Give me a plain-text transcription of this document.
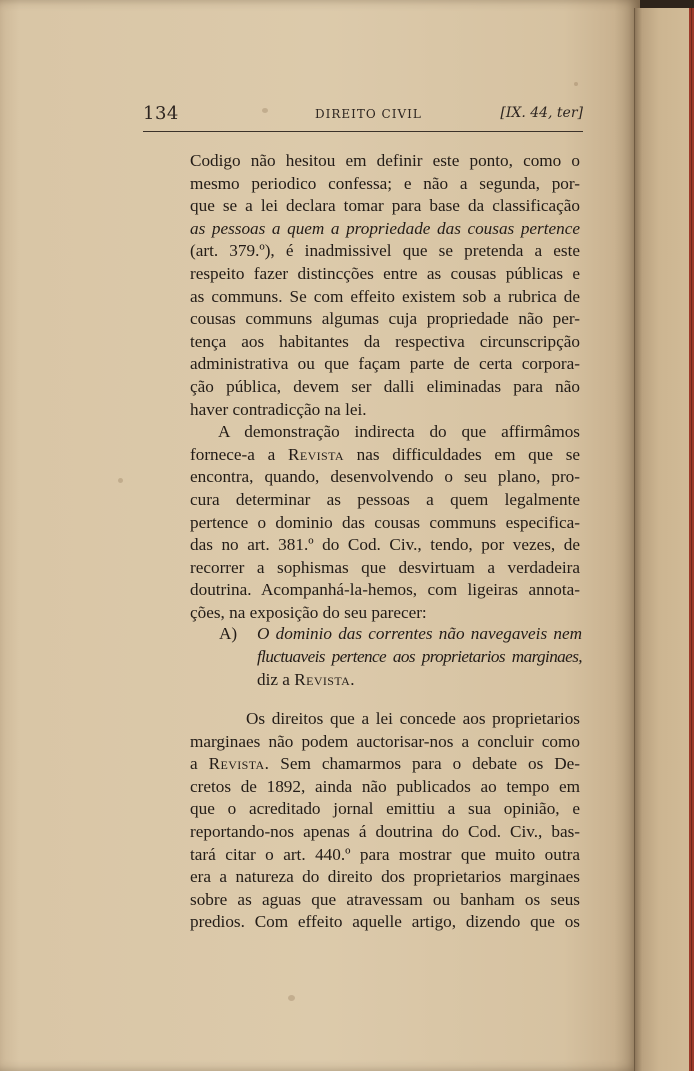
134	DIREITO CIVIL	[IX. 44, ter]

Codigo não hesitou em definir este ponto, como o
mesmo periodico confessa; e não a segunda, por-
que se a lei declara tomar para base da classificação
as pessoas a quem a propriedade das cousas pertence
(art. 379.º), é inadmissivel que se pretenda a este
respeito fazer distincções entre as cousas públicas e
as communs. Se com effeito existem sob a rubrica de
cousas communs algumas cuja propriedade não per-
tença aos habitantes da respectiva circunscripção
administrativa ou que façam parte de certa corpora-
ção pública, devem ser dalli eliminadas para não
haver contradicção na lei.

A demonstração indirecta do que affirmâmos
fornece-a a Revista nas difficuldades em que se
encontra, quando, desenvolvendo o seu plano, pro-
cura determinar as pessoas a quem legalmente
pertence o dominio das cousas communs especifica-
das no art. 381.º do Cod. Civ., tendo, por vezes, de
recorrer a sophismas que desvirtuam a verdadeira
doutrina. Acompanhá-la-hemos, com ligeiras annota-
ções, na exposição do seu parecer:

A) O dominio das correntes não navegaveis nem
fluctuaveis pertence aos proprietarios marginaes,
diz a Revista.

Os direitos que a lei concede aos proprietarios
marginaes não podem auctorisar-nos a concluir como
a Revista. Sem chamarmos para o debate os De-
cretos de 1892, ainda não publicados ao tempo em
que o acreditado jornal emittiu a sua opinião, e
reportando-nos apenas á doutrina do Cod. Civ., bas-
tará citar o art. 440.º para mostrar que muito outra
era a natureza do direito dos proprietarios marginaes
sobre as aguas que atravessam ou banham os seus
predios. Com effeito aquelle artigo, dizendo que os
